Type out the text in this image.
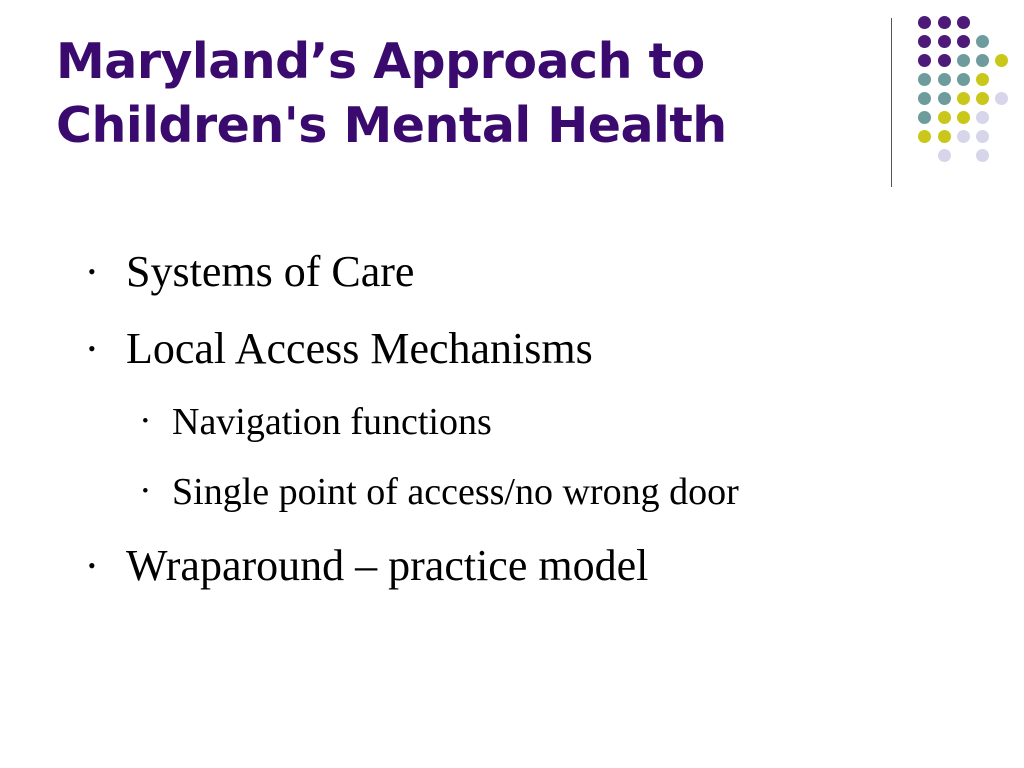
Maryland’s Approach to
Children's Mental Health
• Systems of Care
• Local Access Mechanisms
• Navigation functions
• Single point of access/no wrong door
• Wraparound – practice model
